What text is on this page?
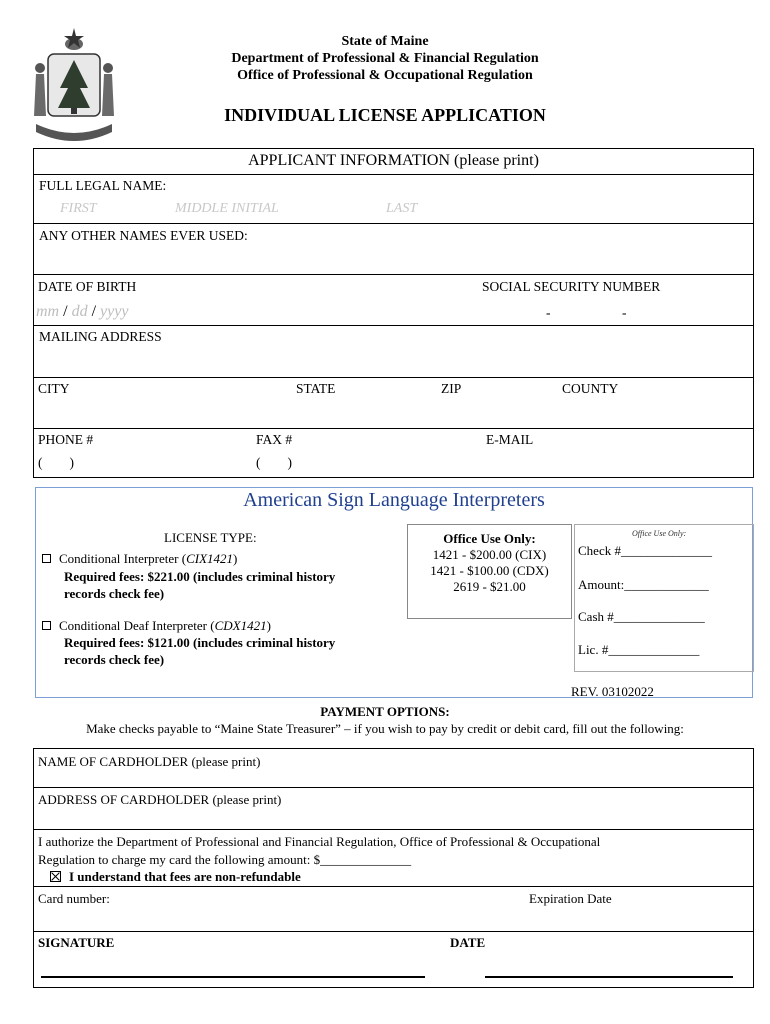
State of Maine
Department of Professional & Financial Regulation
Office of Professional & Occupational Regulation
INDIVIDUAL LICENSE APPLICATION
APPLICANT INFORMATION (please print)
FULL LEGAL NAME:
FIRST	MIDDLE INITIAL	LAST
ANY OTHER NAMES EVER USED:
DATE OF BIRTH	SOCIAL SECURITY NUMBER
mm / dd / yyyy	-	-
MAILING ADDRESS
CITY	STATE	ZIP	COUNTY
PHONE #	FAX #	E-MAIL
(        )	(        )
American Sign Language Interpreters
LICENSE TYPE:
Conditional Interpreter (CIX1421)
Required fees: $221.00 (includes criminal history
records check fee)
Conditional Deaf Interpreter (CDX1421)
Required fees: $121.00 (includes criminal history
records check fee)
Office Use Only:
1421 - $200.00 (CIX)
1421 - $100.00 (CDX)
2619 - $21.00
Office Use Only:
Check #______________
Amount:_____________
Cash #______________
Lic. #______________
REV. 03102022
PAYMENT OPTIONS:
Make checks payable to “Maine State Treasurer” – if you wish to pay by credit or debit card, fill out the following:
NAME OF CARDHOLDER (please print)
ADDRESS OF CARDHOLDER (please print)
I authorize the Department of Professional and Financial Regulation, Office of Professional & Occupational
Regulation to charge my card the following amount: $______________
I understand that fees are non-refundable
Card number:	Expiration Date
SIGNATURE	DATE
